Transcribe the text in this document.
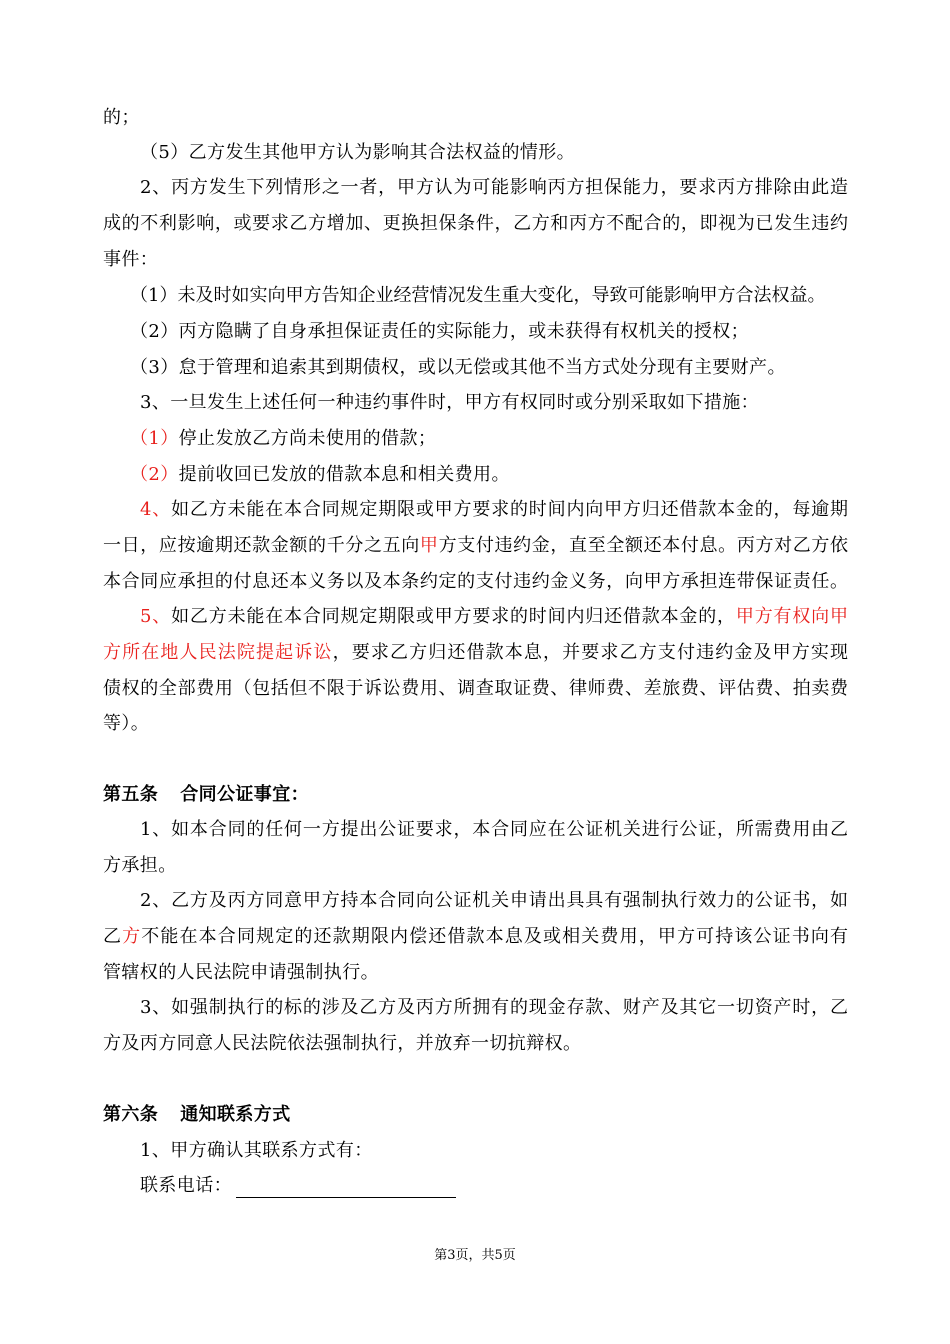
的；
（5）乙方发生其他甲方认为影响其合法权益的情形。
2、丙方发生下列情形之一者，甲方认为可能影响丙方担保能力，要求丙方排除由此造
成的不利影响，或要求乙方增加、更换担保条件，乙方和丙方不配合的，即视为已发生违约
事件：
（1）未及时如实向甲方告知企业经营情况发生重大变化，导致可能影响甲方合法权益。
（2）丙方隐瞒了自身承担保证责任的实际能力，或未获得有权机关的授权；
（3）怠于管理和追索其到期债权，或以无偿或其他不当方式处分现有主要财产。
3、一旦发生上述任何一种违约事件时，甲方有权同时或分别采取如下措施：
（1）停止发放乙方尚未使用的借款；
（2）提前收回已发放的借款本息和相关费用。
4、如乙方未能在本合同规定期限或甲方要求的时间内向甲方归还借款本金的，每逾期
一日，应按逾期还款金额的千分之五向甲方支付违约金，直至全额还本付息。丙方对乙方依
本合同应承担的付息还本义务以及本条约定的支付违约金义务，向甲方承担连带保证责任。
5、如乙方未能在本合同规定期限或甲方要求的时间内归还借款本金的，甲方有权向甲
方所在地人民法院提起诉讼，要求乙方归还借款本息，并要求乙方支付违约金及甲方实现
债权的全部费用（包括但不限于诉讼费用、调查取证费、律师费、差旅费、评估费、拍卖费
等）。
第五条 合同公证事宜：
1、如本合同的任何一方提出公证要求，本合同应在公证机关进行公证，所需费用由乙
方承担。
2、乙方及丙方同意甲方持本合同向公证机关申请出具具有强制执行效力的公证书，如
乙方不能在本合同规定的还款期限内偿还借款本息及或相关费用，甲方可持该公证书向有
管辖权的人民法院申请强制执行。
3、如强制执行的标的涉及乙方及丙方所拥有的现金存款、财产及其它一切资产时，乙
方及丙方同意人民法院依法强制执行，并放弃一切抗辩权。
第六条 通知联系方式
1、甲方确认其联系方式有：
联系电话：
第3页，共5页
